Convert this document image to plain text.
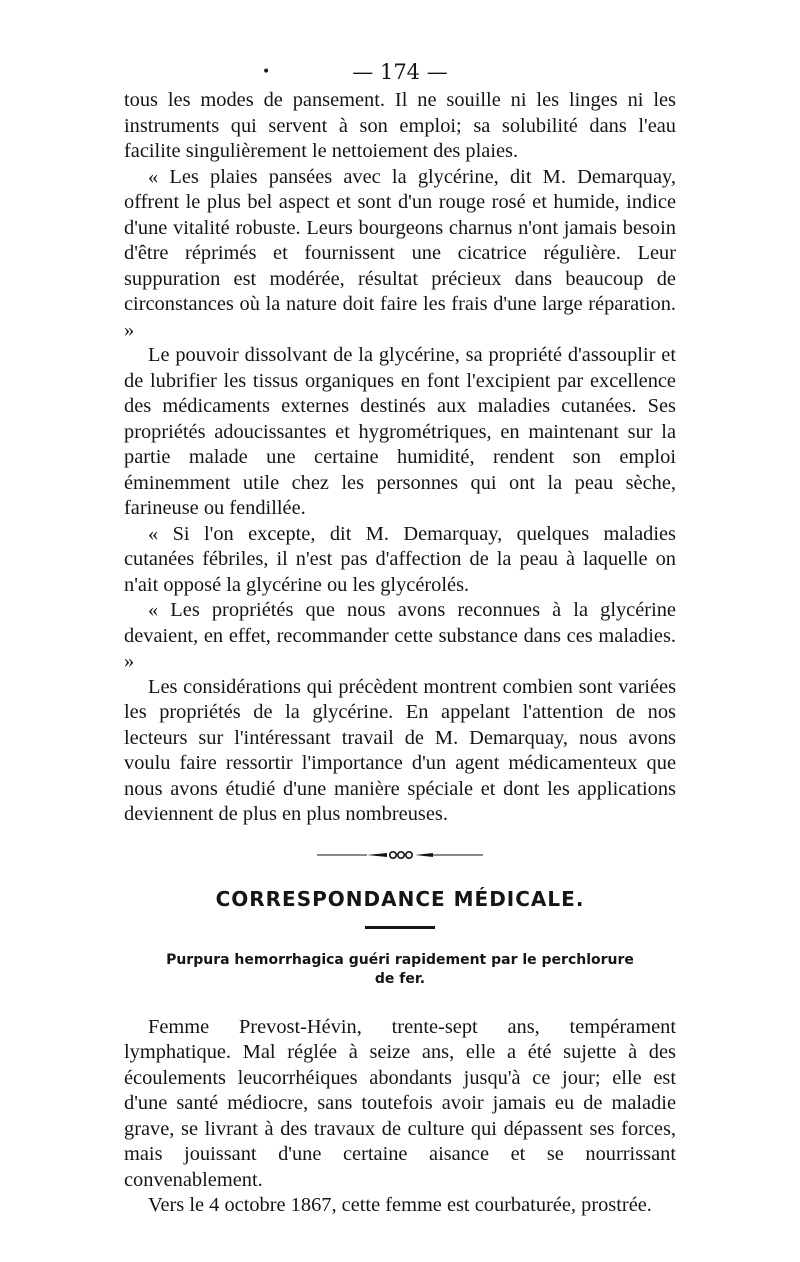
•	— 174 —

tous les modes de pansement. Il ne souille ni les linges ni les instruments qui servent à son emploi; sa solubilité dans l'eau facilite singulièrement le nettoiement des plaies.

« Les plaies pansées avec la glycérine, dit M. Demarquay, offrent le plus bel aspect et sont d'un rouge rosé et humide, indice d'une vitalité robuste. Leurs bourgeons charnus n'ont jamais besoin d'être réprimés et fournissent une cicatrice régulière. Leur suppuration est modérée, résultat précieux dans beaucoup de circonstances où la nature doit faire les frais d'une large réparation. »

Le pouvoir dissolvant de la glycérine, sa propriété d'assouplir et de lubrifier les tissus organiques en font l'excipient par excellence des médicaments externes destinés aux maladies cutanées. Ses propriétés adoucissantes et hygrométriques, en maintenant sur la partie malade une certaine humidité, rendent son emploi éminemment utile chez les personnes qui ont la peau sèche, farineuse ou fendillée.

« Si l'on excepte, dit M. Demarquay, quelques maladies cutanées fébriles, il n'est pas d'affection de la peau à laquelle on n'ait opposé la glycérine ou les glycérolés.

« Les propriétés que nous avons reconnues à la glycérine devaient, en effet, recommander cette substance dans ces maladies. »

Les considérations qui précèdent montrent combien sont variées les propriétés de la glycérine. En appelant l'attention de nos lecteurs sur l'intéressant travail de M. Demarquay, nous avons voulu faire ressortir l'importance d'un agent médicamenteux que nous avons étudié d'une manière spéciale et dont les applications deviennent de plus en plus nombreuses.

CORRESPONDANCE MÉDICALE.
Purpura hemorrhagica guéri rapidement par le perchlorure
de fer.

Femme Prevost-Hévin, trente-sept ans, tempérament lymphatique. Mal réglée à seize ans, elle a été sujette à des écoulements leucorrhéiques abondants jusqu'à ce jour; elle est d'une santé médiocre, sans toutefois avoir jamais eu de maladie grave, se livrant à des travaux de culture qui dépassent ses forces, mais jouissant d'une certaine aisance et se nourrissant convenablement.

Vers le 4 octobre 1867, cette femme est courbaturée, prostrée.
